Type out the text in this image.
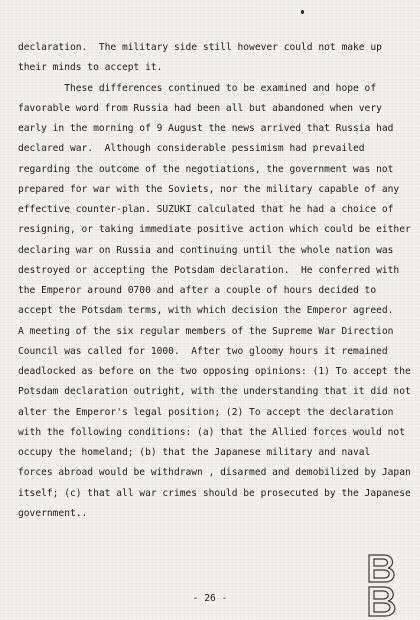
declaration.  The military side still however could not make up
their minds to accept it.
These differences continued to be examined and hope of
favorable word from Russia had been all but abandoned when very
early in the morning of 9 August the news arrived that Russia had
declared war.  Although considerable pessimism had prevailed
regarding the outcome of the negotiations, the government was not
prepared for war with the Soviets, nor the military capable of any
effective counter-plan. SUZUKI calculated that he had a choice of
resigning, or taking immediate positive action which could be either
declaring war on Russia and continuing until the whole nation was
destroyed or accepting the Potsdam declaration.  He conferred with
the Emperor around 0700 and after a couple of hours decided to
accept the Potsdam terms, with which decision the Emperor agreed.
A meeting of the six regular members of the Supreme War Direction
Council was called for 1000.  After two gloomy hours it remained
deadlocked as before on the two opposing opinions: (1) To accept the
Potsdam declaration outright, with the understanding that it did not
alter the Emperor's legal position; (2) To accept the declaration
with the following conditions: (a) that the Allied forces would not
occupy the homeland; (b) that the Japanese military and naval
forces abroad would be withdrawn , disarmed and demobilized by Japan
itself; (c) that all war crimes should be prosecuted by the Japanese
government..
- 26 -
